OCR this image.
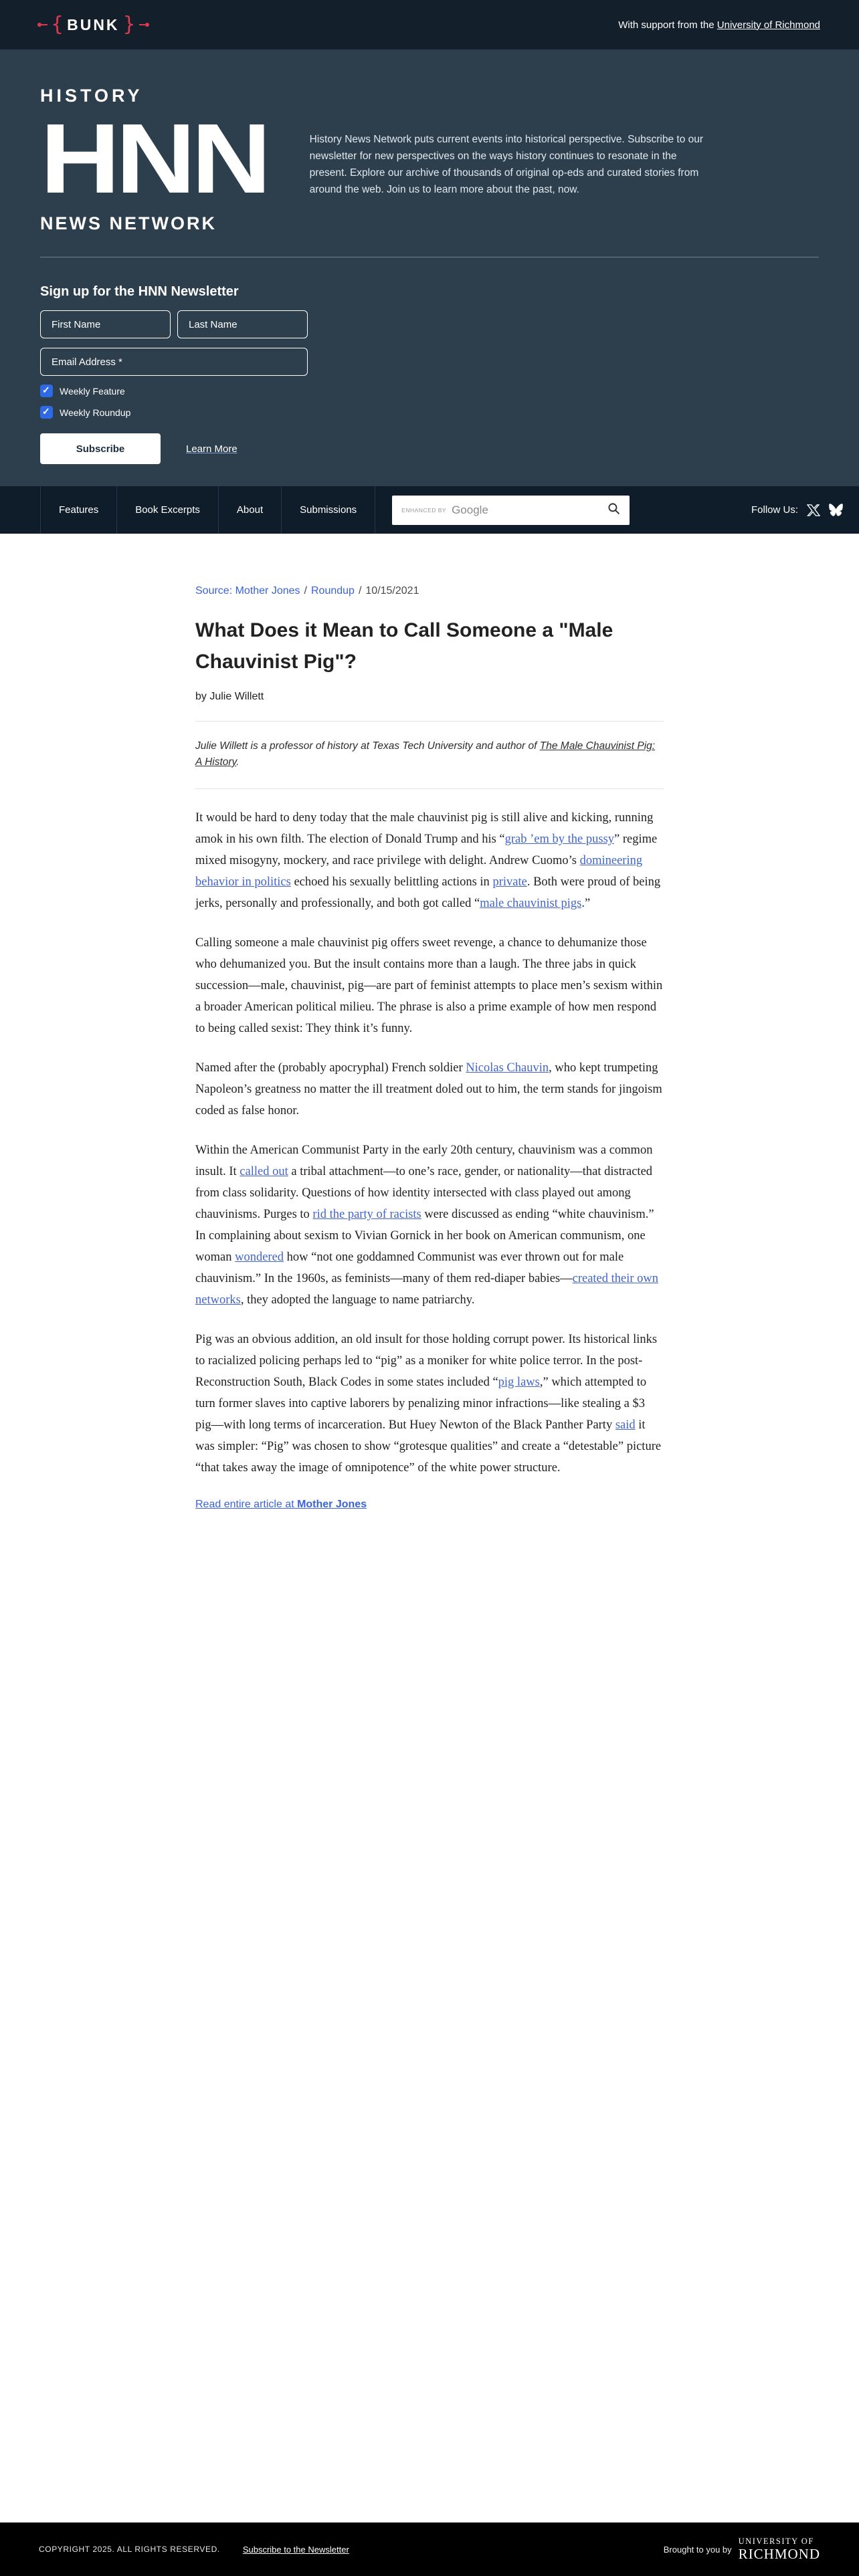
{ BUNK }	With support from the University of Richmond
HISTORY
HNN
NEWS NETWORK
History News Network puts current events into historical perspective. Subscribe to our newsletter for new perspectives on the ways history continues to resonate in the present. Explore our archive of thousands of original op-eds and curated stories from around the web. Join us to learn more about the past, now.
Sign up for the HNN Newsletter
First Name
Last Name
Email Address *
✓
Weekly Feature
✓
Weekly Roundup
Subscribe	Learn More
Features	Book Excerpts	About	Submissions	ENHANCED BY Google	Follow Us:
Source: Mother Jones / Roundup / 10/15/2021
What Does it Mean to Call Someone a "Male Chauvinist Pig"?
by Julie Willett
Julie Willett is a professor of history at Texas Tech University and author of The Male Chauvinist Pig: A History.

It would be hard to deny today that the male chauvinist pig is still alive and kicking, running amok in his own filth. The election of Donald Trump and his “grab ’em by the pussy” regime mixed misogyny, mockery, and race privilege with delight. Andrew Cuomo’s domineering behavior in politics echoed his sexually belittling actions in private. Both were proud of being jerks, personally and professionally, and both got called “male chauvinist pigs.”

Calling someone a male chauvinist pig offers sweet revenge, a chance to dehumanize those who dehumanized you. But the insult contains more than a laugh. The three jabs in quick succession—male, chauvinist, pig—are part of feminist attempts to place men’s sexism within a broader American political milieu. The phrase is also a prime example of how men respond to being called sexist: They think it’s funny.

Named after the (probably apocryphal) French soldier Nicolas Chauvin, who kept trumpeting Napoleon’s greatness no matter the ill treatment doled out to him, the term stands for jingoism coded as false honor.

Within the American Communist Party in the early 20th century, chauvinism was a common insult. It called out a tribal attachment—to one’s race, gender, or nationality—that distracted from class solidarity. Questions of how identity intersected with class played out among chauvinisms. Purges to rid the party of racists were discussed as ending “white chauvinism.” In complaining about sexism to Vivian Gornick in her book on American communism, one woman wondered how “not one goddamned Communist was ever thrown out for male chauvinism.” In the 1960s, as feminists—many of them red-diaper babies—created their own networks, they adopted the language to name patriarchy.

Pig was an obvious addition, an old insult for those holding corrupt power. Its historical links to racialized policing perhaps led to “pig” as a moniker for white police terror. In the post-Reconstruction South, Black Codes in some states included “pig laws,” which attempted to turn former slaves into captive laborers by penalizing minor infractions—like stealing a $3 pig—with long terms of incarceration. But Huey Newton of the Black Panther Party said it was simpler: “Pig” was chosen to show “grotesque qualities” and create a “detestable” picture “that takes away the image of omnipotence” of the white power structure.

Read entire article at Mother Jones
COPYRIGHT 2025. ALL RIGHTS RESERVED.	Subscribe to the Newsletter	Brought to you by
UNIVERSITY OF
RICHMOND
